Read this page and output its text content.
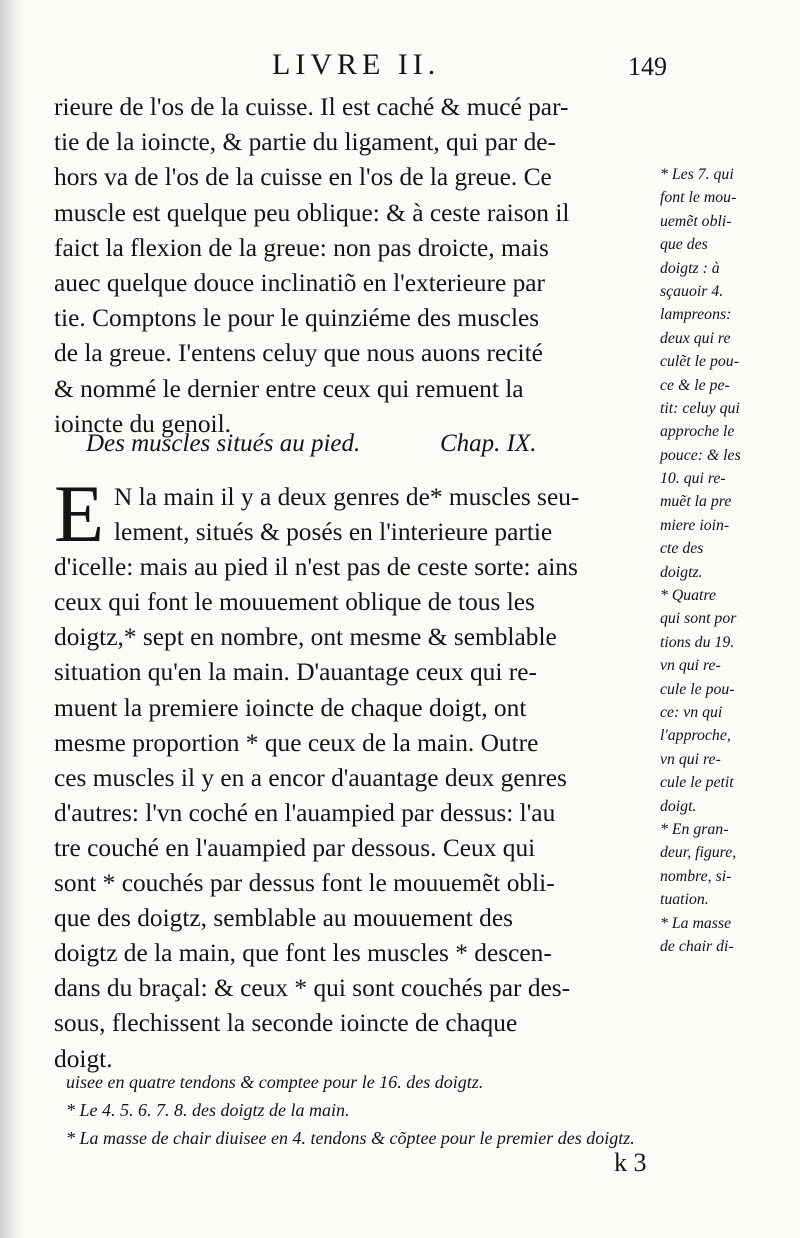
LIVRE II.	149
rieure de l'os de la cuisse. Il est caché & mucé par-
tie de la ioincte, & partie du ligament, qui par de-
hors va de l'os de la cuisse en l'os de la greue. Ce
muscle est quelque peu oblique: & à ceste raison il
faict la flexion de la greue: non pas droicte, mais
auec quelque douce inclinatiõ en l'exterieure par
tie. Comptons le pour le quinziéme des muscles
de la greue. I'entens celuy que nous auons recité
& nommé le dernier entre ceux qui remuent la
ioincte du genoil.
Des muscles situés au pied.	Chap. IX.
E N la main il y a deux genres de* muscles seu-
lement, situés & posés en l'interieure partie
d'icelle: mais au pied il n'est pas de ceste sorte: ains
ceux qui font le mouuement oblique de tous les
doigtz,* sept en nombre, ont mesme & semblable
situation qu'en la main. D'auantage ceux qui re-
muent la premiere ioincte de chaque doigt, ont
mesme proportion * que ceux de la main. Outre
ces muscles il y en a encor d'auantage deux genres
d'autres: l'vn coché en l'auampied par dessus: l'au
tre couché en l'auampied par dessous. Ceux qui
sont * couchés par dessus font le mouuemẽt obli-
que des doigtz, semblable au mouuement des
doigtz de la main, que font les muscles * descen-
dans du braçal: & ceux * qui sont couchés par des-
sous, flechissent la seconde ioincte de chaque
doigt.
* Les 7. qui
font le mou-
uemẽt obli-
que des
doigtz : à
sçauoir 4.
lampreons:
deux qui re
culẽt le pou-
ce & le pe-
tit: celuy qui
approche le
pouce: & les
10. qui re-
muẽt la pre
miere ioin-
cte des
doigtz.
* Quatre
qui sont por
tions du 19.
vn qui re-
cule le pou-
ce: vn qui
l'approche,
vn qui re-
cule le petit
doigt.
* En gran-
deur, figure,
nombre, si-
tuation.
* La masse
de chair di-
uisee en quatre tendons & comptee pour le 16. des doigtz.
* Le 4. 5. 6. 7. 8. des doigtz de la main.
* La masse de chair diuisee en 4. tendons & cõptee pour le premier des doigtz.
k 3
